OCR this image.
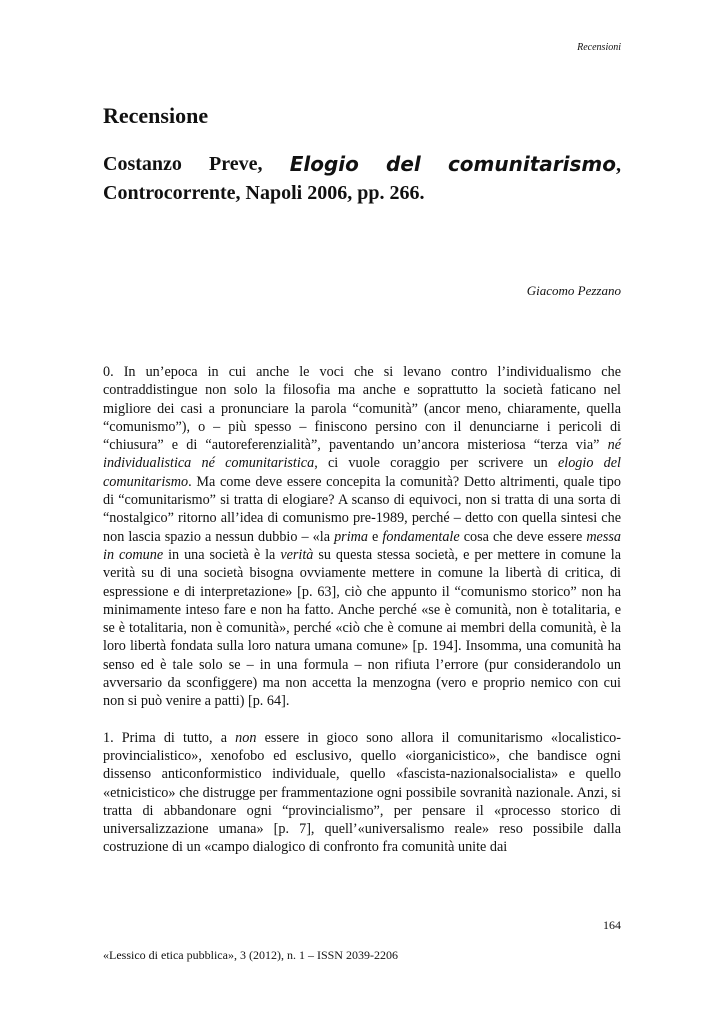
Recensioni
Recensione
Costanzo Preve, Elogio del comunitarismo,
Controcorrente, Napoli 2006, pp. 266.
Giacomo Pezzano

0. In un’epoca in cui anche le voci che si levano contro l’individualismo che contraddistingue non solo la filosofia ma anche e soprattutto la società faticano nel migliore dei casi a pronunciare la parola “comunità” (ancor meno, chiaramente, quella “comunismo”), o – più spesso – finiscono persino con il denunciarne i pericoli di “chiusura” e di “autoreferenzialità”, paventando un’ancora misteriosa “terza via” né individualistica né comunitaristica, ci vuole coraggio per scrivere un elogio del comunitarismo. Ma come deve essere concepita la comunità? Detto altrimenti, quale tipo di “comunitarismo” si tratta di elogiare? A scanso di equivoci, non si tratta di una sorta di “nostalgico” ritorno all’idea di comunismo pre-1989, perché – detto con quella sintesi che non lascia spazio a nessun dubbio – «la prima e fondamentale cosa che deve essere messa in comune in una società è la verità su questa stessa società, e per mettere in comune la verità su di una società bisogna ovviamente mettere in comune la libertà di critica, di espressione e di interpretazione» [p. 63], ciò che appunto il “comunismo storico” non ha minimamente inteso fare e non ha fatto. Anche perché «se è comunità, non è totalitaria, e se è totalitaria, non è comunità», perché «ciò che è comune ai membri della comunità, è la loro libertà fondata sulla loro natura umana comune» [p. 194]. Insomma, una comunità ha senso ed è tale solo se – in una formula – non rifiuta l’errore (pur considerandolo un avversario da sconfiggere) ma non accetta la menzogna (vero e proprio nemico con cui non si può venire a patti) [p. 64].

1. Prima di tutto, a non essere in gioco sono allora il comunitarismo «localistico-provincialistico», xenofobo ed esclusivo, quello «iorganicistico», che bandisce ogni dissenso anticonformistico individuale, quello «fascista-nazionalsocialista» e quello «etnicistico» che distrugge per frammentazione ogni possibile sovranità nazionale. Anzi, si tratta di abbandonare ogni “provincialismo”, per pensare il «processo storico di universalizzazione umana» [p. 7], quell’«universalismo reale» reso possibile dalla costruzione di un «campo dialogico di confronto fra comunità unite dai

164
«Lessico di etica pubblica», 3 (2012), n. 1 – ISSN 2039-2206
